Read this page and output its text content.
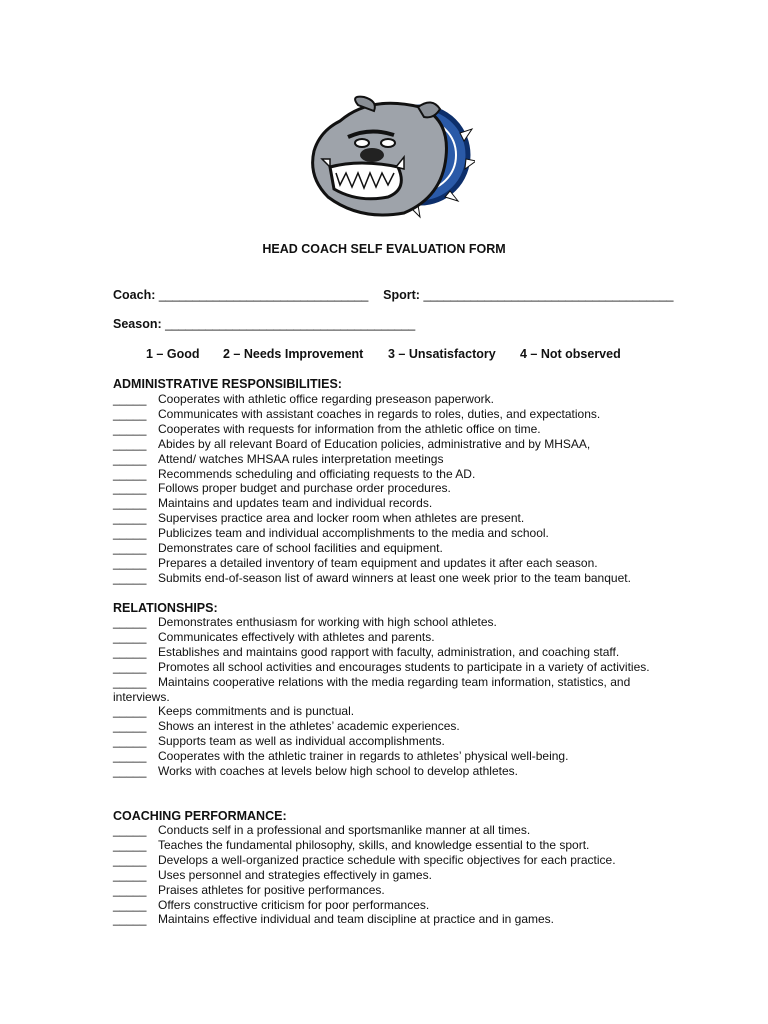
HEAD COACH SELF EVALUATION FORM
Coach: _______________________________ Sport: _____________________________________
Season: _____________________________________
1 – Good 2 – Needs Improvement 3 – Unsatisfactory 4 – Not observed
ADMINISTRATIVE RESPONSIBILITIES:
_____ Cooperates with athletic office regarding preseason paperwork.
_____ Communicates with assistant coaches in regards to roles, duties, and expectations.
_____ Cooperates with requests for information from the athletic office on time.
_____ Abides by all relevant Board of Education policies, administrative and by MHSAA,
_____ Attend/ watches MHSAA rules interpretation meetings
_____ Recommends scheduling and officiating requests to the AD.
_____ Follows proper budget and purchase order procedures.
_____ Maintains and updates team and individual records.
_____ Supervises practice area and locker room when athletes are present.
_____ Publicizes team and individual accomplishments to the media and school.
_____ Demonstrates care of school facilities and equipment.
_____ Prepares a detailed inventory of team equipment and updates it after each season.
_____ Submits end-of-season list of award winners at least one week prior to the team banquet.
RELATIONSHIPS:
_____ Demonstrates enthusiasm for working with high school athletes.
_____ Communicates effectively with athletes and parents.
_____ Establishes and maintains good rapport with faculty, administration, and coaching staff.
_____ Promotes all school activities and encourages students to participate in a variety of activities.
_____ Maintains cooperative relations with the media regarding team information, statistics, and interviews.
_____ Keeps commitments and is punctual.
_____ Shows an interest in the athletes’ academic experiences.
_____ Supports team as well as individual accomplishments.
_____ Cooperates with the athletic trainer in regards to athletes’ physical well-being.
_____ Works with coaches at levels below high school to develop athletes.
COACHING PERFORMANCE:
_____ Conducts self in a professional and sportsmanlike manner at all times.
_____ Teaches the fundamental philosophy, skills, and knowledge essential to the sport.
_____ Develops a well-organized practice schedule with specific objectives for each practice.
_____ Uses personnel and strategies effectively in games.
_____ Praises athletes for positive performances.
_____ Offers constructive criticism for poor performances.
_____ Maintains effective individual and team discipline at practice and in games.
